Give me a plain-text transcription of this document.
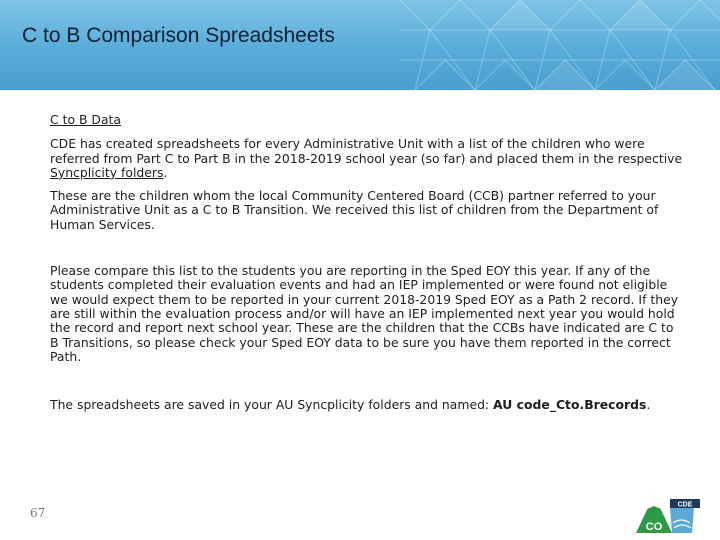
C to B Comparison Spreadsheets

C to B Data

CDE has created spreadsheets for every Administrative Unit with a list of the children who were referred from Part C to Part B in the 2018-2019 school year (so far) and placed them in the respective Syncplicity folders.

These are the children whom the local Community Centered Board (CCB) partner referred to your Administrative Unit as a C to B Transition. We received this list of children from the Department of Human Services.

Please compare this list to the students you are reporting in the Sped EOY this year. If any of the students completed their evaluation events and had an IEP implemented or were found not eligible we would expect them to be reported in your current 2018-2019 Sped EOY as a Path 2 record. If they are still within the evaluation process and/or will have an IEP implemented next year you would hold the record and report next school year. These are the children that the CCBs have indicated are C to B Transitions, so please check your Sped EOY data to be sure you have them reported in the correct Path.

The spreadsheets are saved in your AU Syncplicity folders and named: AU code_Cto.Brecords.

67
CO
CDE
